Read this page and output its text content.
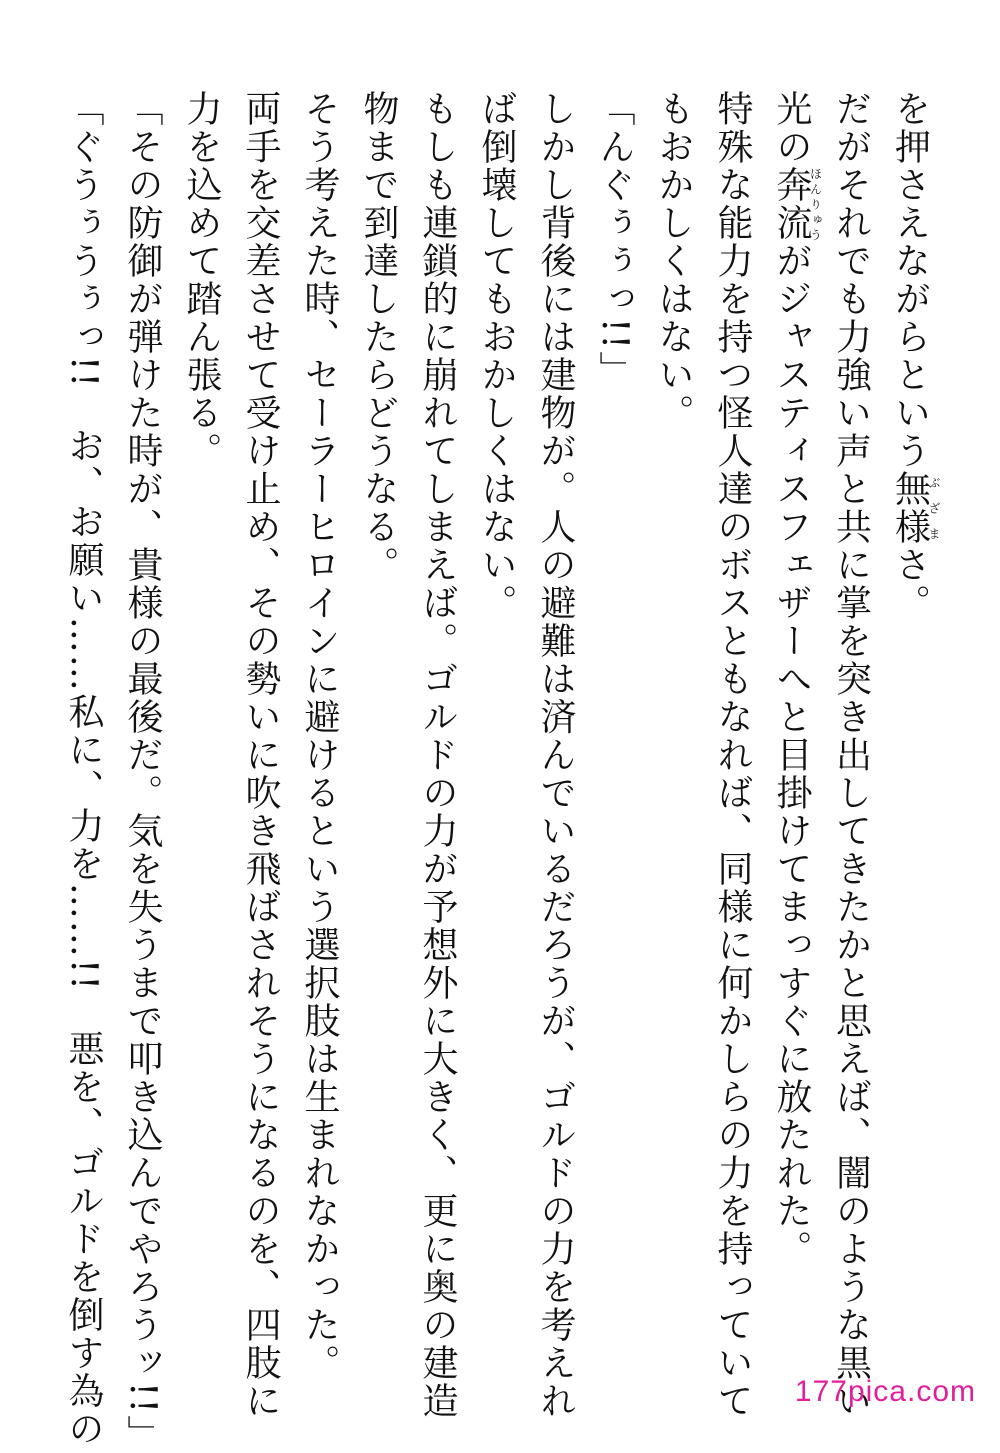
を押さえながらという無様ぶざまさ。
だがそれでも力強い声と共に掌を突き出してきたかと思えば、闇のような黒い
光の奔流ほんりゅうがジャスティスフェザーへと目掛けてまっすぐに放たれた。
特殊な能力を持つ怪人達のボスともなれば、同様に何かしらの力を持っていて
もおかしくはない。
「んぐぅぅっ!!」
しかし背後には建物が。人の避難は済んでいるだろうが、ゴルドの力を考えれ
ば倒壊してもおかしくはない。
もしも連鎖的に崩れてしまえば。ゴルドの力が予想外に大きく、更に奥の建造
物まで到達したらどうなる。
そう考えた時、セーラーヒロインに避けるという選択肢は生まれなかった。
両手を交差させて受け止め、その勢いに吹き飛ばされそうになるのを、四肢に
力を込めて踏ん張る。
「その防御が弾けた時が、貴様の最後だ。気を失うまで叩き込んでやろうッ!!」
「ぐうぅうぅっ!!　お、お願い……私に、力を……!!　悪を、ゴルドを倒す為の	177pica.com
